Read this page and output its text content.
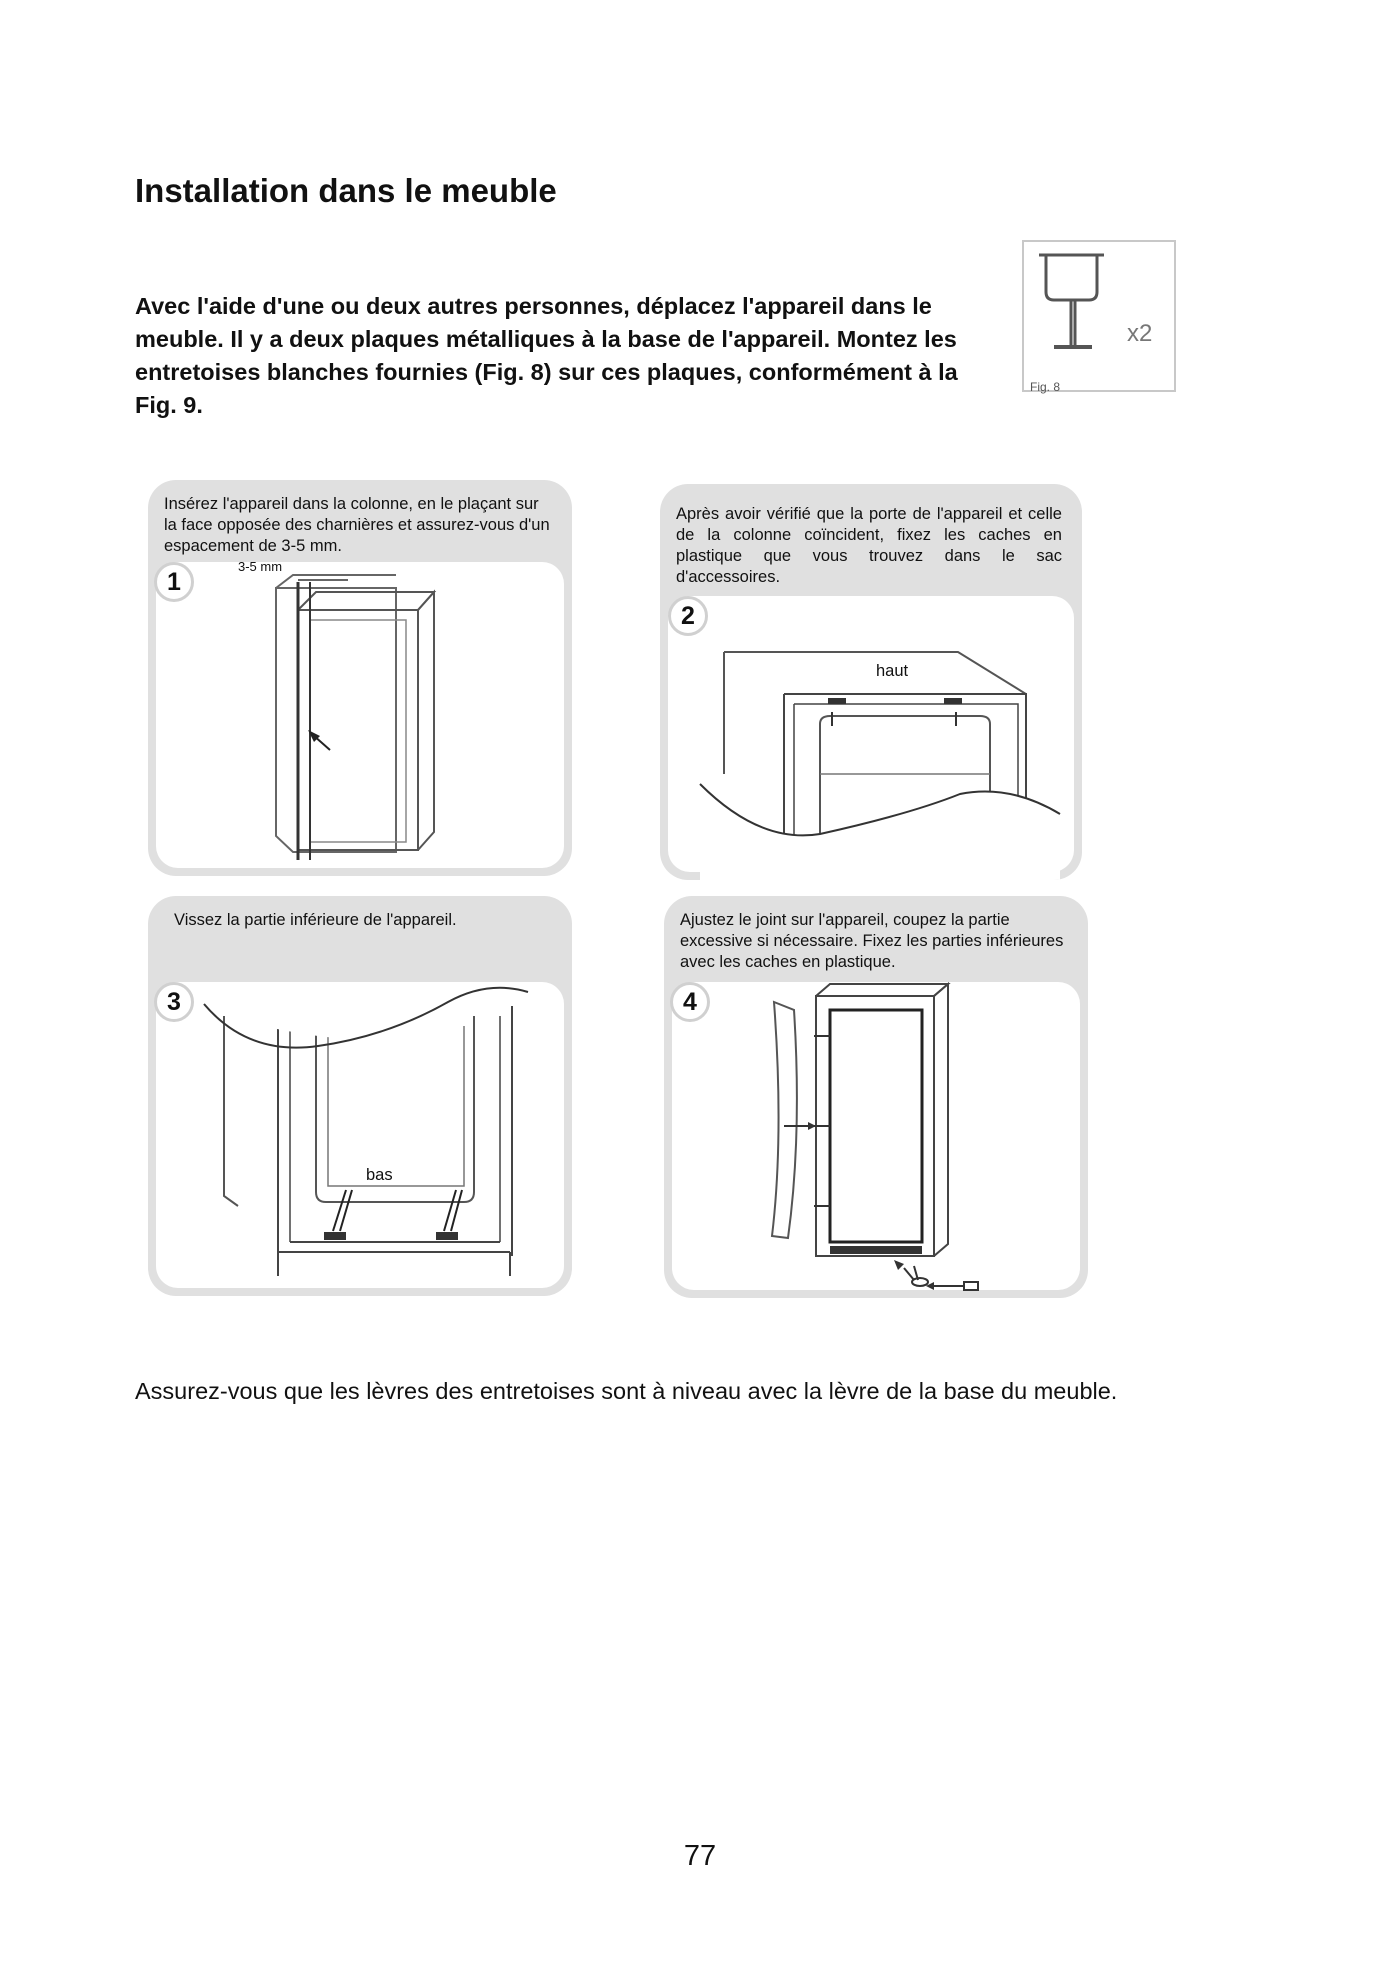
Installation dans le meuble
Avec l'aide d'une ou deux autres personnes, déplacez l'appareil dans le meuble. Il y a deux plaques métalliques à la base de l'appareil. Montez les entretoises blanches fournies (Fig. 8) sur ces plaques, conformément à la Fig. 9.
x2
Fig. 8
Insérez l'appareil dans la colonne, en le plaçant sur la face opposée des charnières et assurez-vous d'un espacement de 3-5 mm.
3-5 mm
1
Après avoir vérifié que la porte de l'appareil et celle de la colonne coïncident, fixez les caches en plastique que vous trouvez dans le sac d'accessoires.
haut
2
Vissez la partie inférieure de l'appareil.
bas
3
Ajustez le joint sur l'appareil, coupez la partie excessive si nécessaire. Fixez les parties inférieures avec les caches en plastique.
4
Assurez-vous que les lèvres des entretoises sont à niveau avec la lèvre de la base du meuble.
77
